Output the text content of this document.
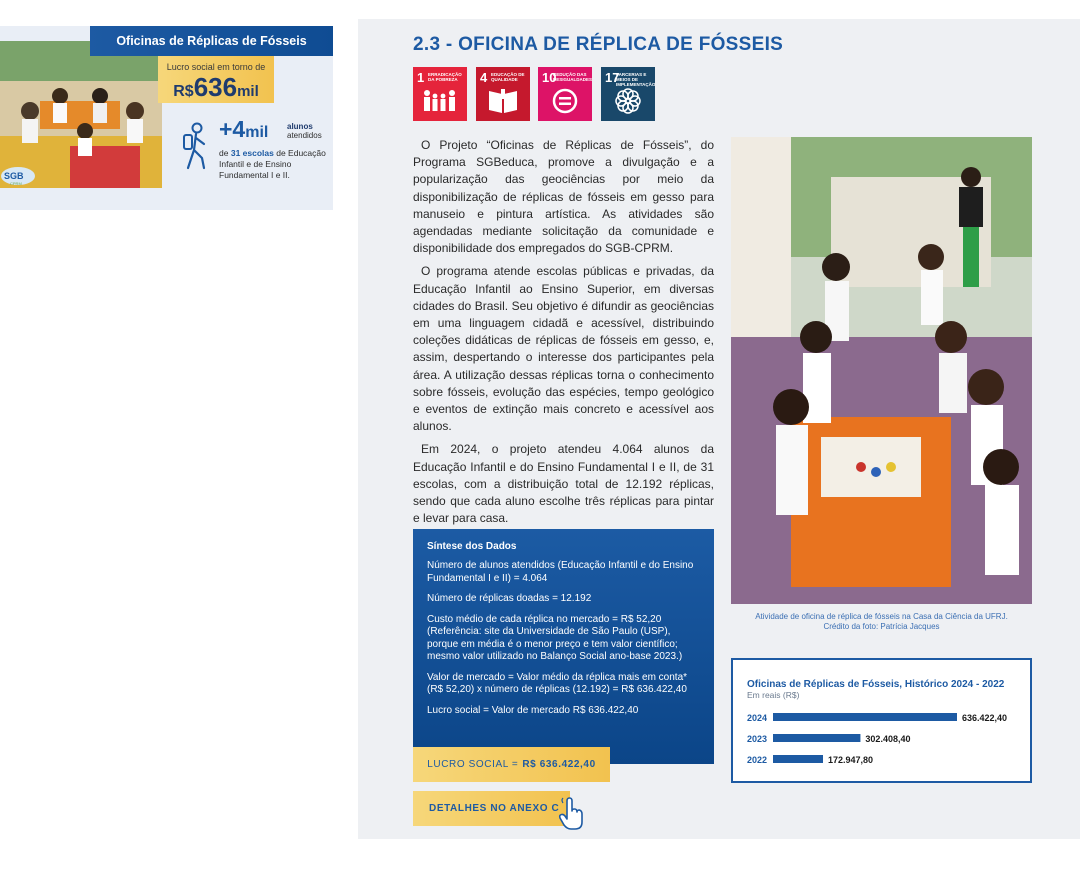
Oficinas de Réplicas de Fósseis
Lucro social em torno de
R$636mil
+4mil alunos
atendidos
de 31 escolas de Educação Infantil e de Ensino Fundamental I e II.
SGB
CPRM
2.3 - OFICINA DE RÉPLICA DE FÓSSEIS
1 ERRADICAÇÃO DA POBREZA	4 EDUCAÇÃO DE QUALIDADE	10
REDUÇÃO DAS DESIGUALDADES 17
PARCERIAS E MEIOS DE IMPLEMENTAÇÃO

O Projeto “Oficinas de Réplicas de Fósseis”, do Programa SGBeduca, promove a divulgação e a popularização das geociências por meio da disponibilização de réplicas de fósseis em gesso para manuseio e pintura artística. As atividades são agendadas mediante solicitação da comunidade e disponibilidade dos empregados do SGB-CPRM.

O programa atende escolas públicas e privadas, da Educação Infantil ao Ensino Superior, em diversas cidades do Brasil. Seu objetivo é difundir as geociências em uma linguagem cidadã e acessível, distribuindo coleções didáticas de réplicas de fósseis em gesso, e, assim, despertando o interesse dos participantes pela área. A utilização dessas réplicas torna o conhecimento sobre fósseis, evolução das espécies, tempo geológico e eventos de extinção mais concreto e acessível aos alunos.

Em 2024, o projeto atendeu 4.064 alunos da Educação Infantil e do Ensino Fundamental I e II, de 31 escolas, com a distribuição total de 12.192 réplicas, sendo que cada aluno escolhe três réplicas para pintar e levar para casa.

Atividade de oficina de réplica de fósseis na Casa da Ciência da UFRJ.
Crédito da foto: Patrícia Jacques
Síntese dos Dados

Número de alunos atendidos (Educação Infantil e do Ensino Fundamental I e II) = 4.064

Número de réplicas doadas = 12.192

Custo médio de cada réplica no mercado = R$ 52,20 (Referência: site da Universidade de São Paulo (USP), porque em média é o menor preço e tem valor científico; mesmo valor utilizado no Balanço Social ano-base 2023.)

Valor de mercado = Valor médio da réplica mais em conta* (R$ 52,20) x número de réplicas (12.192) = R$ 636.422,40

Lucro social = Valor de mercado R$ 636.422,40

LUCRO SOCIAL = R$ 636.422,40
DETALHES NO ANEXO C
Oficinas de Réplicas de Fósseis, Histórico 2024 - 2022
Em reais (R$)
2024	636.422,40
2023	302.408,40
2022	172.947,80
